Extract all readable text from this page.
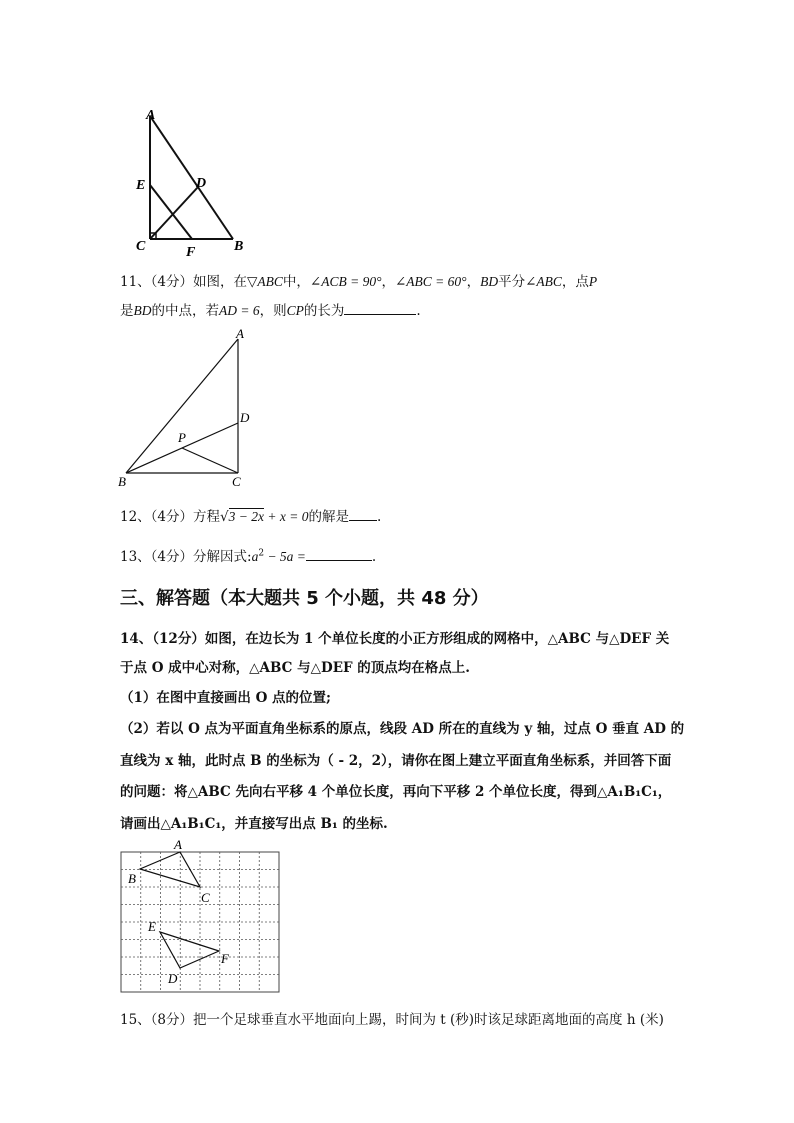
A
E	D
C	F	B
11、（4分）如图，在▽ABC中，∠ACB = 90°，∠ABC = 60°，BD平分∠ABC，点P
是BD的中点，若AD = 6，则CP的长为	.
A
D
P
B	C
12、（4分）方程√3 − 2x + x = 0的解是 .
13、（4分）分解因式$:a^2 - 5a$ =	.
三、解答题（本大题共 5 个小题，共 48 分）
14、（12分）如图，在边长为 1 个单位长度的小正方形组成的网格中，△ABC 与△DEF 关
于点 O 成中心对称，△ABC 与△DEF 的顶点均在格点上.
（1）在图中直接画出 O 点的位置;
（2）若以 O 点为平面直角坐标系的原点，线段 AD 所在的直线为 y 轴，过点 O 垂直 AD 的
直线为 x 轴，此时点 B 的坐标为（ - 2，2），请你在图上建立平面直角坐标系，并回答下面
的问题：将△ABC 先向右平移 4 个单位长度，再向下平移 2 个单位长度，得到△A₁B₁C₁，
请画出△A₁B₁C₁，并直接写出点 B₁ 的坐标.
A
B
C
E
F
D
15、（8分）把一个足球垂直水平地面向上踢，时间为 t (秒)时该足球距离地面的高度 h (米)
